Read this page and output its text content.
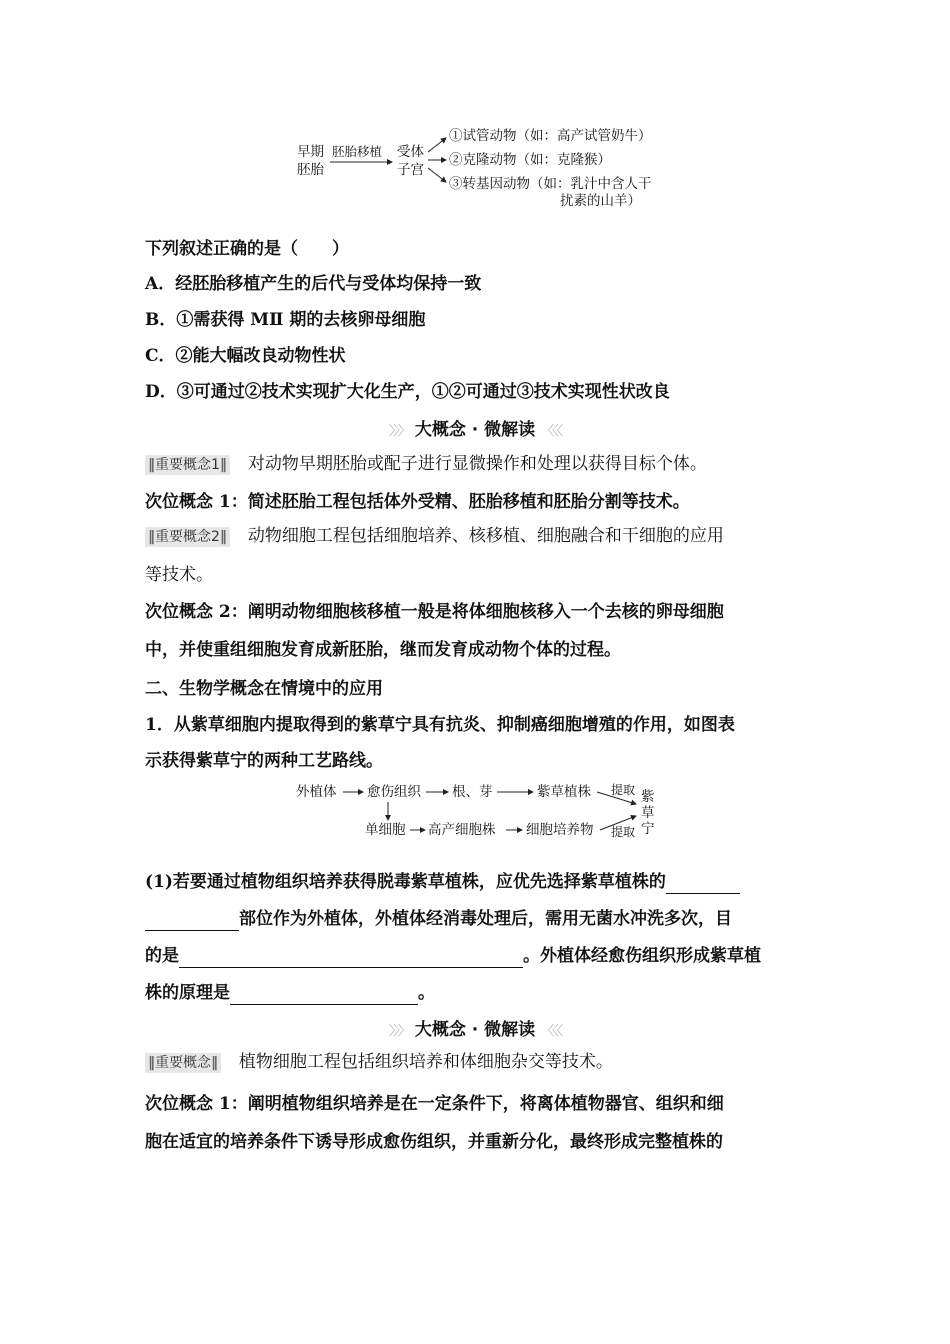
早期
胚胎
胚胎移植 受体
子宫
①试管动物（如：高产试管奶牛）
②克隆动物（如：克隆猴）
③转基因动物（如：乳汁中含人干
扰素的山羊）
下列叙述正确的是（　　）
A．经胚胎移植产生的后代与受体均保持一致
B．①需获得 MⅡ 期的去核卵母细胞
C．②能大幅改良动物性状
D．③可通过②技术实现扩大化生产，①②可通过③技术实现性状改良
〉〉〉 大概念 · 微解读 〈〈〈
‖重要概念1‖ 对动物早期胚胎或配子进行显微操作和处理以获得目标个体。
次位概念 1：简述胚胎工程包括体外受精、胚胎移植和胚胎分割等技术。
‖重要概念2‖ 动物细胞工程包括细胞培养、核移植、细胞融合和干细胞的应用
等技术。
次位概念 2：阐明动物细胞核移植一般是将体细胞核移入一个去核的卵母细胞
中，并使重组细胞发育成新胚胎，继而发育成动物个体的过程。
二、生物学概念在情境中的应用
1．从紫草细胞内提取得到的紫草宁具有抗炎、抑制癌细胞增殖的作用，如图表
示获得紫草宁的两种工艺路线。
外植体 愈伤组织 根、芽	紫草植株 提取 紫
草
宁
单细胞 高产细胞株 细胞培养物 提取
(1)若要通过植物组织培养获得脱毒紫草植株，应优先选择紫草植株的
部位作为外植体，外植体经消毒处理后，需用无菌水冲洗多次，目
的是	。外植体经愈伤组织形成紫草植
株的原理是	。
〉〉〉 大概念 · 微解读 〈〈〈
‖重要概念‖ 植物细胞工程包括组织培养和体细胞杂交等技术。
次位概念 1：阐明植物组织培养是在一定条件下，将离体植物器官、组织和细
胞在适宜的培养条件下诱导形成愈伤组织，并重新分化，最终形成完整植株的
